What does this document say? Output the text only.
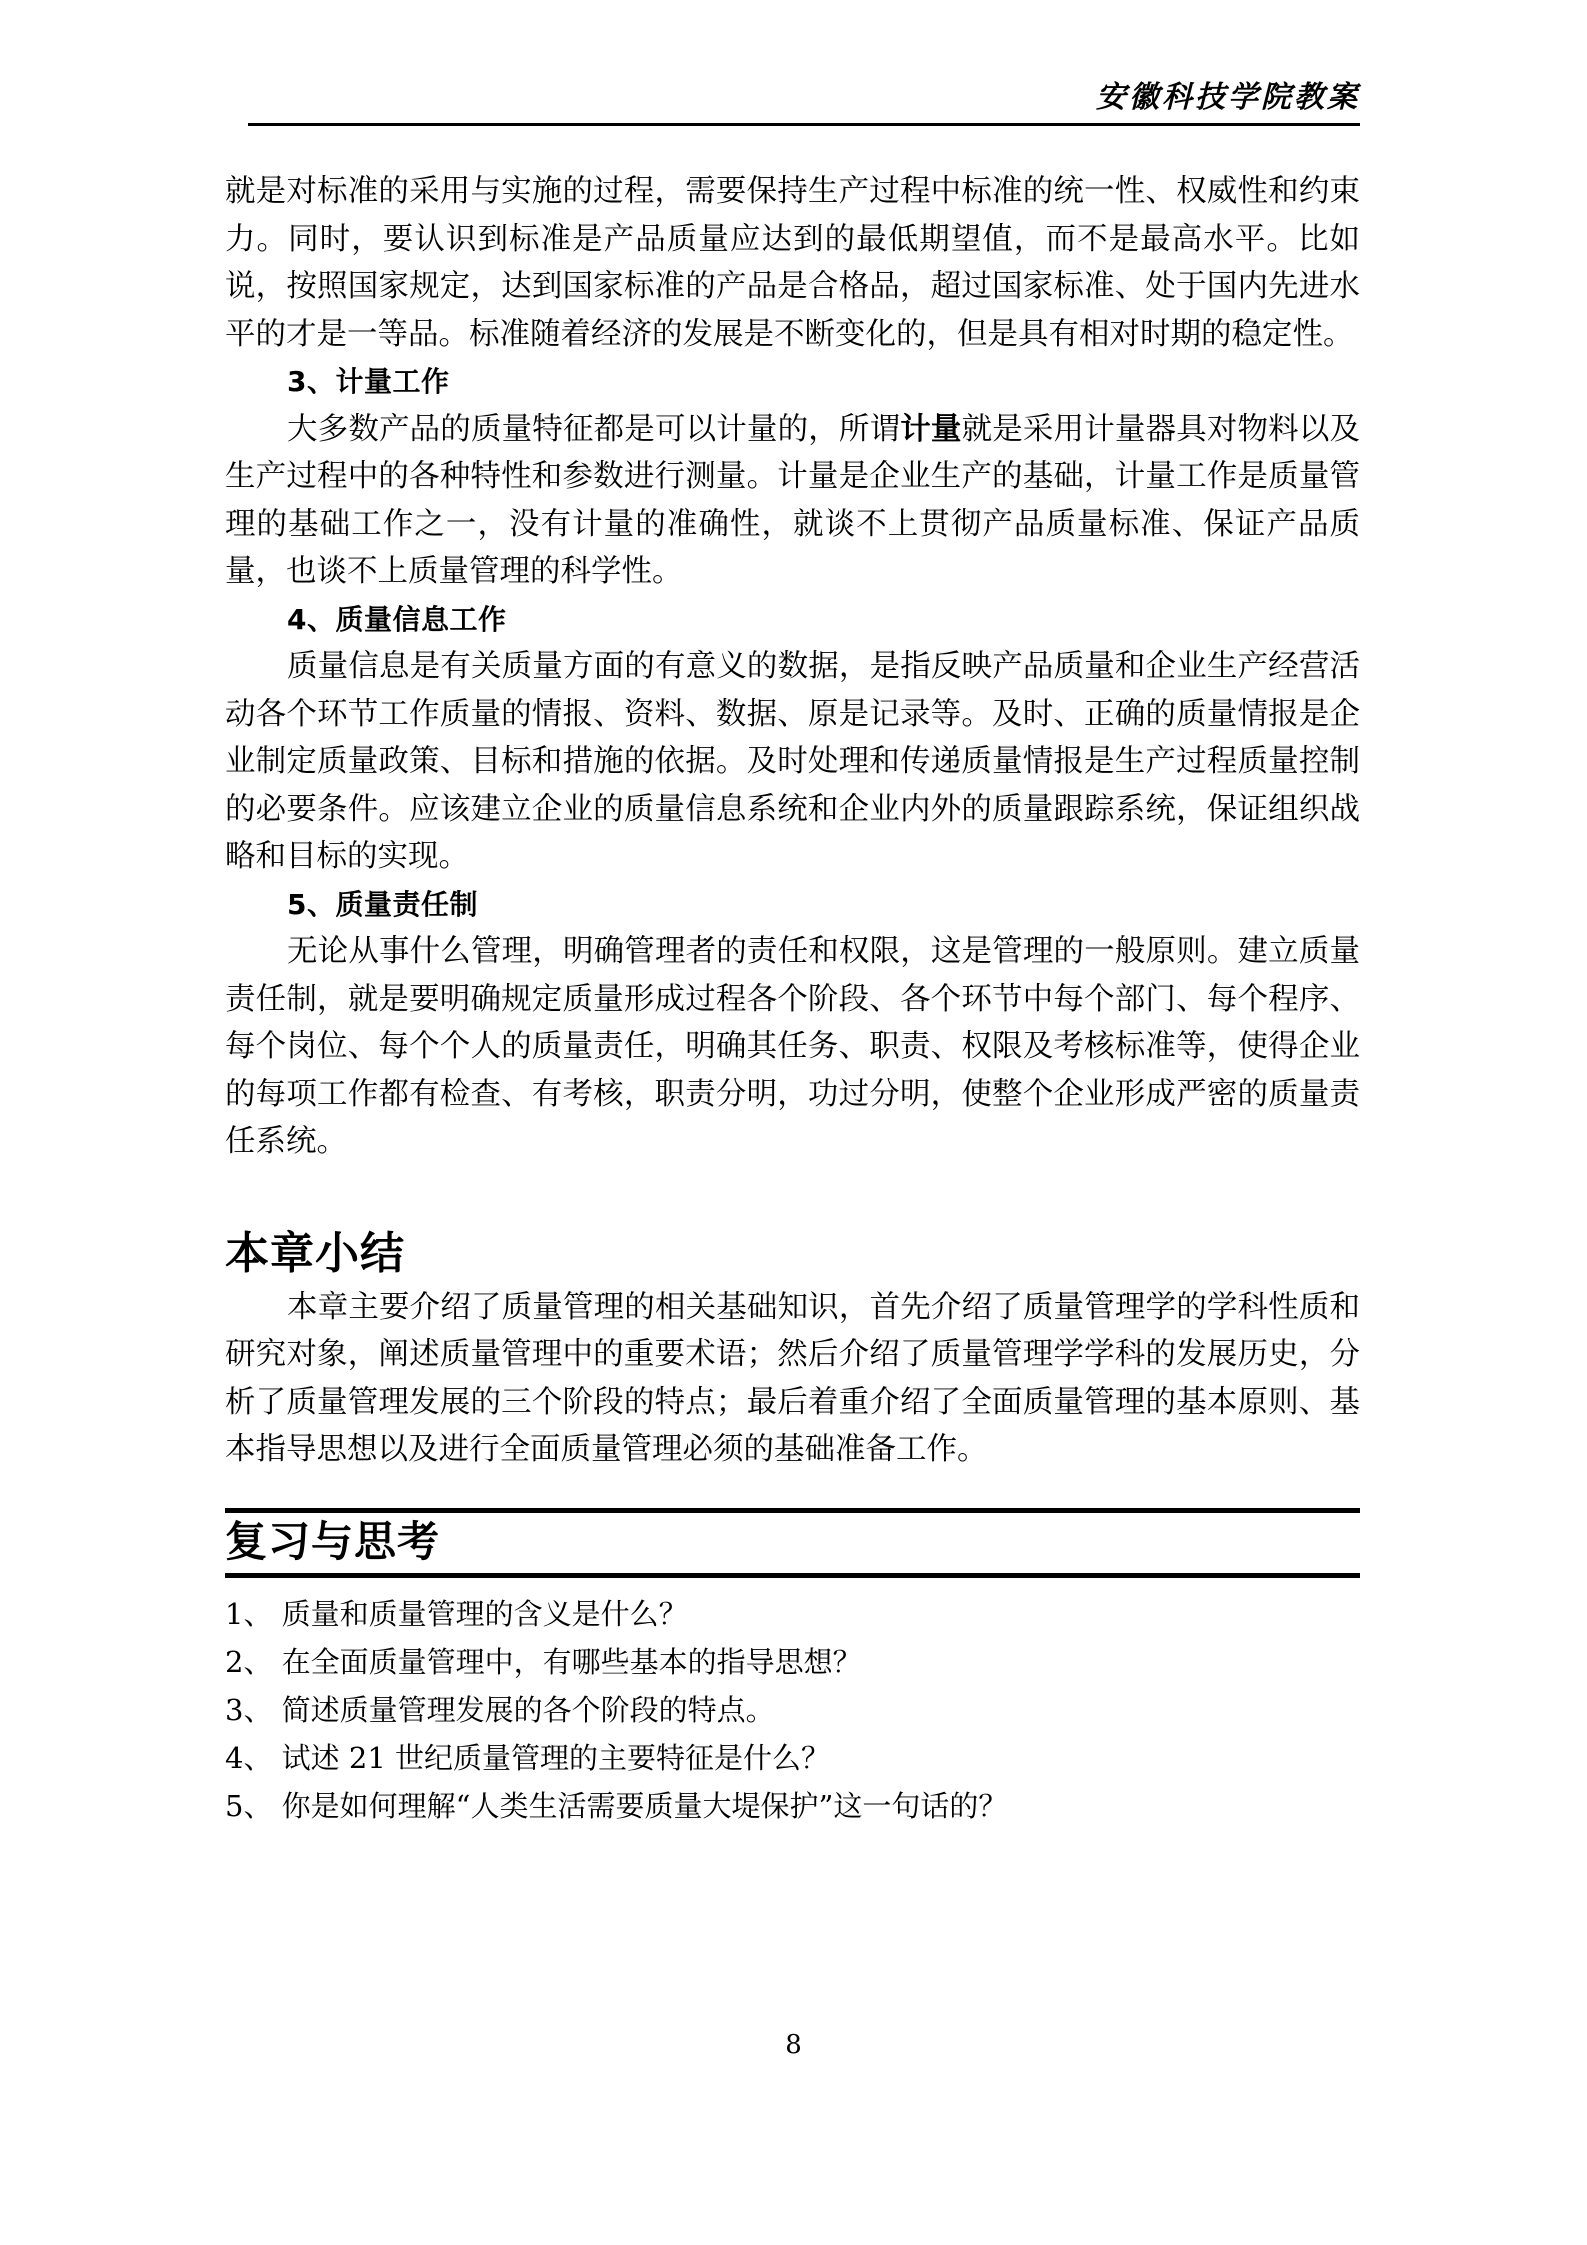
安徽科技学院教案

就是对标准的采用与实施的过程，需要保持生产过程中标准的统一性、权威性和约束力。同时，要认识到标准是产品质量应达到的最低期望值，而不是最高水平。比如说，按照国家规定，达到国家标准的产品是合格品，超过国家标准、处于国内先进水平的才是一等品。标准随着经济的发展是不断变化的，但是具有相对时期的稳定性。

3、计量工作

大多数产品的质量特征都是可以计量的，所谓计量就是采用计量器具对物料以及生产过程中的各种特性和参数进行测量。计量是企业生产的基础，计量工作是质量管理的基础工作之一，没有计量的准确性，就谈不上贯彻产品质量标准、保证产品质量，也谈不上质量管理的科学性。

4、质量信息工作

质量信息是有关质量方面的有意义的数据，是指反映产品质量和企业生产经营活动各个环节工作质量的情报、资料、数据、原是记录等。及时、正确的质量情报是企业制定质量政策、目标和措施的依据。及时处理和传递质量情报是生产过程质量控制的必要条件。应该建立企业的质量信息系统和企业内外的质量跟踪系统，保证组织战略和目标的实现。

5、质量责任制

无论从事什么管理，明确管理者的责任和权限，这是管理的一般原则。建立质量责任制，就是要明确规定质量形成过程各个阶段、各个环节中每个部门、每个程序、每个岗位、每个个人的质量责任，明确其任务、职责、权限及考核标准等，使得企业的每项工作都有检查、有考核，职责分明，功过分明，使整个企业形成严密的质量责任系统。

本章小结

本章主要介绍了质量管理的相关基础知识，首先介绍了质量管理学的学科性质和研究对象，阐述质量管理中的重要术语；然后介绍了质量管理学学科的发展历史，分析了质量管理发展的三个阶段的特点；最后着重介绍了全面质量管理的基本原则、基本指导思想以及进行全面质量管理必须的基础准备工作。

复习与思考
1、 质量和质量管理的含义是什么？
2、 在全面质量管理中，有哪些基本的指导思想？
3、 简述质量管理发展的各个阶段的特点。
4、 试述 21 世纪质量管理的主要特征是什么？
5、 你是如何理解“人类生活需要质量大堤保护”这一句话的？
8
